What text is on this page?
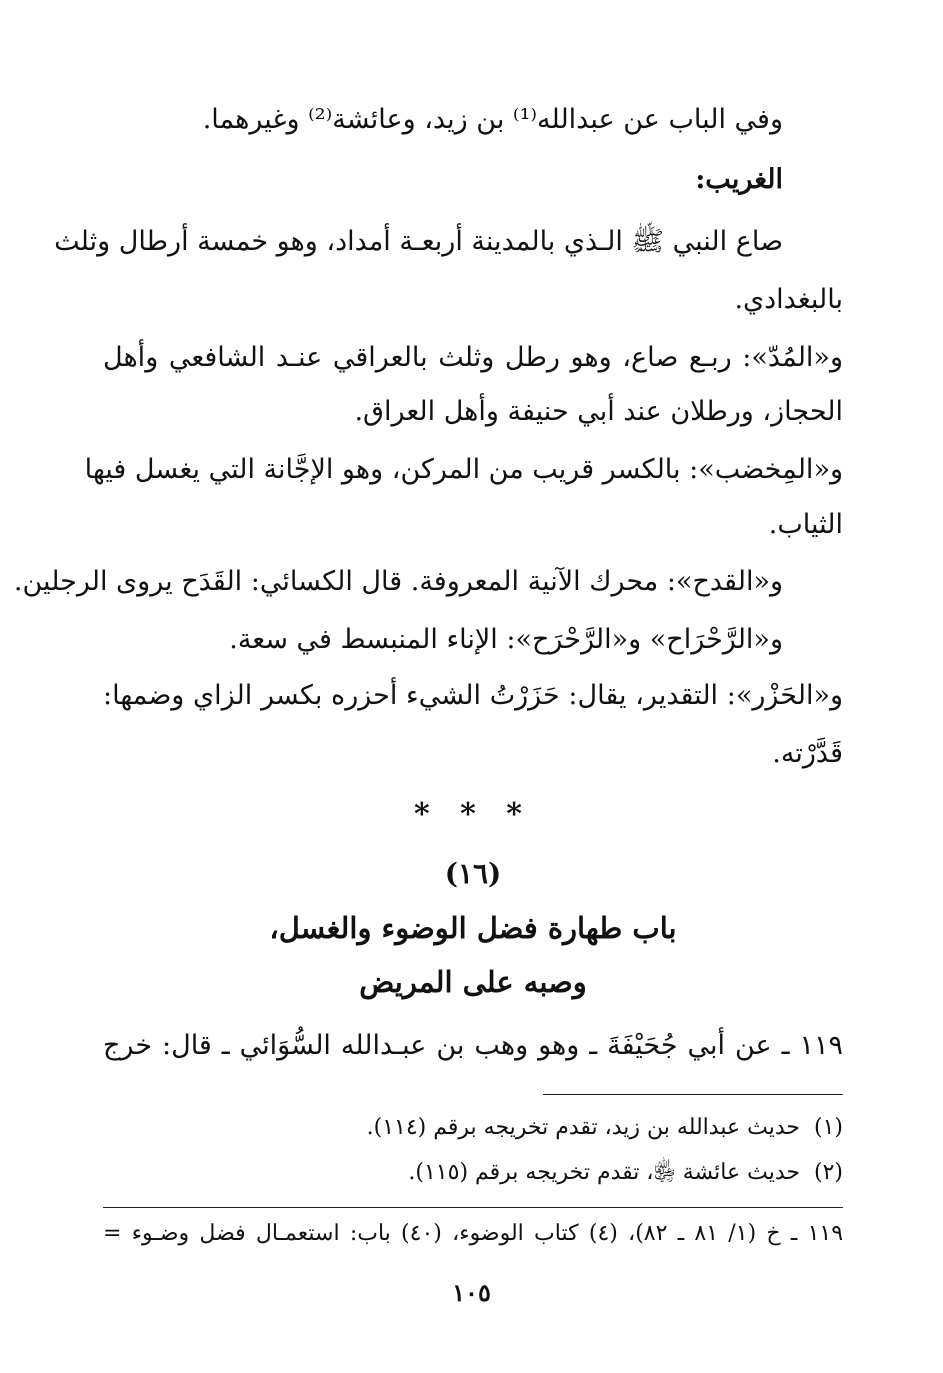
وفي الباب عن عبدالله⁽¹⁾ بن زيد، وعائشة⁽²⁾ وغيرهما.
الغريب:
صاع النبي ﷺ الـذي بالمدينة أربعـة أمداد، وهو خمسة أرطال وثلث
بالبغدادي.
و«المُدّ»: ربـع صاع، وهو رطل وثلث بالعراقي عنـد الشافعي وأهل
الحجاز، ورطلان عند أبي حنيفة وأهل العراق.
و«المِخضب»: بالكسر قريب من المركن، وهو الإجَّانة التي يغسل فيها
الثياب.
و«القدح»: محرك الآنية المعروفة. قال الكسائي: القَدَح يروى الرجلين.
و«الرَّحْرَاح» و«الرَّحْرَح»: الإناء المنبسط في سعة.
و«الحَزْر»: التقدير، يقال: حَزَرْتُ الشيء أحزره بكسر الزاي وضمها:
قَدَّرْته.
* * *
(١٦)
باب طهارة فضل الوضوء والغسل،
وصبه على المريض
١١٩ ـ عن أبي جُحَيْفَةَ ـ وهو وهب بن عبـدالله السُّوَائي ـ قال: خرج
(١)حديث عبدالله بن زيد، تقدم تخريجه برقم (١١٤).
(٢)حديث عائشة ﵂، تقدم تخريجه برقم (١١٥).
١١٩ ـ خ (١/ ٨١ ـ ٨٢)، (٤) كتاب الوضوء، (٤٠) باب: استعمـال فضل وضـوء =
١٠٥
